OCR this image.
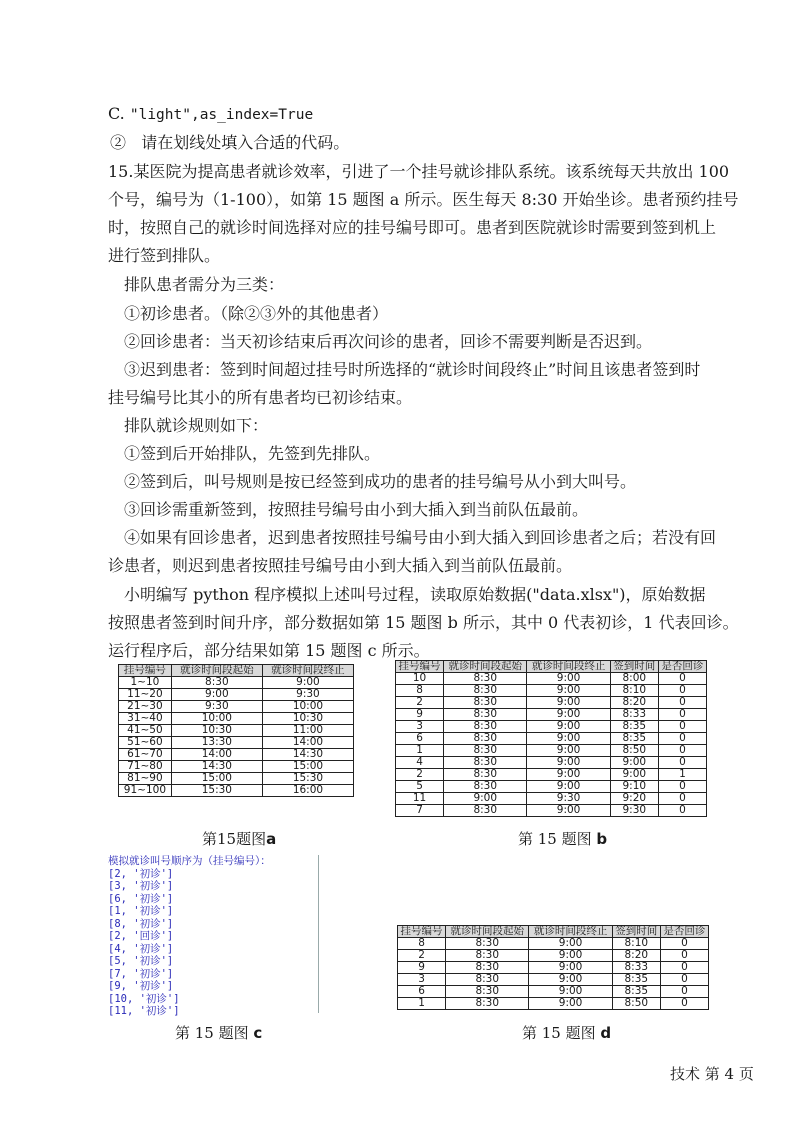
C. "light",as_index=True
② 请在划线处填入合适的代码。
15.某医院为提高患者就诊效率，引进了一个挂号就诊排队系统。该系统每天共放出 100
个号，编号为（1-100），如第 15 题图 a 所示。医生每天 8:30 开始坐诊。患者预约挂号
时，按照自己的就诊时间选择对应的挂号编号即可。患者到医院就诊时需要到签到机上
进行签到排队。
排队患者需分为三类：
①初诊患者。（除②③外的其他患者）
②回诊患者：当天初诊结束后再次问诊的患者，回诊不需要判断是否迟到。
③迟到患者：签到时间超过挂号时所选择的“就诊时间段终止”时间且该患者签到时
挂号编号比其小的所有患者均已初诊结束。
排队就诊规则如下：
①签到后开始排队，先签到先排队。
②签到后，叫号规则是按已经签到成功的患者的挂号编号从小到大叫号。
③回诊需重新签到，按照挂号编号由小到大插入到当前队伍最前。
④如果有回诊患者，迟到患者按照挂号编号由小到大插入到回诊患者之后；若没有回
诊患者，则迟到患者按照挂号编号由小到大插入到当前队伍最前。
小明编写 python 程序模拟上述叫号过程，读取原始数据("data.xlsx")，原始数据
按照患者签到时间升序，部分数据如第 15 题图 b 所示，其中 0 代表初诊，1 代表回诊。
运行程序后，部分结果如第 15 题图 c 所示。
挂号编号	就诊时间段起始	就诊时间段终止
1~10	8:30	9:00
11~20	9:00	9:30
21~30	9:30	10:00
31~40	10:00	10:30
41~50	10:30	11:00
51~60	13:30	14:00
61~70	14:00	14:30
71~80	14:30	15:00
81~90	15:00	15:30
91~100	15:30	16:00
第15题图a
挂号编号	就诊时间段起始	就诊时间段终止	签到时间	是否回诊
10	8:30	9:00	8:00	0
8	8:30	9:00	8:10	0
2	8:30	9:00	8:20	0
9	8:30	9:00	8:33	0
3	8:30	9:00	8:35	0
6	8:30	9:00	8:35	0
1	8:30	9:00	8:50	0
4	8:30	9:00	9:00	0
2	8:30	9:00	9:00	1
5	8:30	9:00	9:10	0
11	9:00	9:30	9:20	0
7	8:30	9:00	9:30	0
第 15 题图 b
模拟就诊叫号顺序为（挂号编号）：
[2, '初诊']
[3, '初诊']
[6, '初诊']
[1, '初诊']
[8, '初诊']
[2, '回诊']
[4, '初诊']
[5, '初诊']
[7, '初诊']
[9, '初诊']
[10, '初诊']
[11, '初诊']
第 15 题图 c
挂号编号	就诊时间段起始	就诊时间段终止	签到时间	是否回诊
8	8:30	9:00	8:10	0
2	8:30	9:00	8:20	0
9	8:30	9:00	8:33	0
3	8:30	9:00	8:35	0
6	8:30	9:00	8:35	0
1	8:30	9:00	8:50	0
第 15 题图 d
技术 第 4 页
